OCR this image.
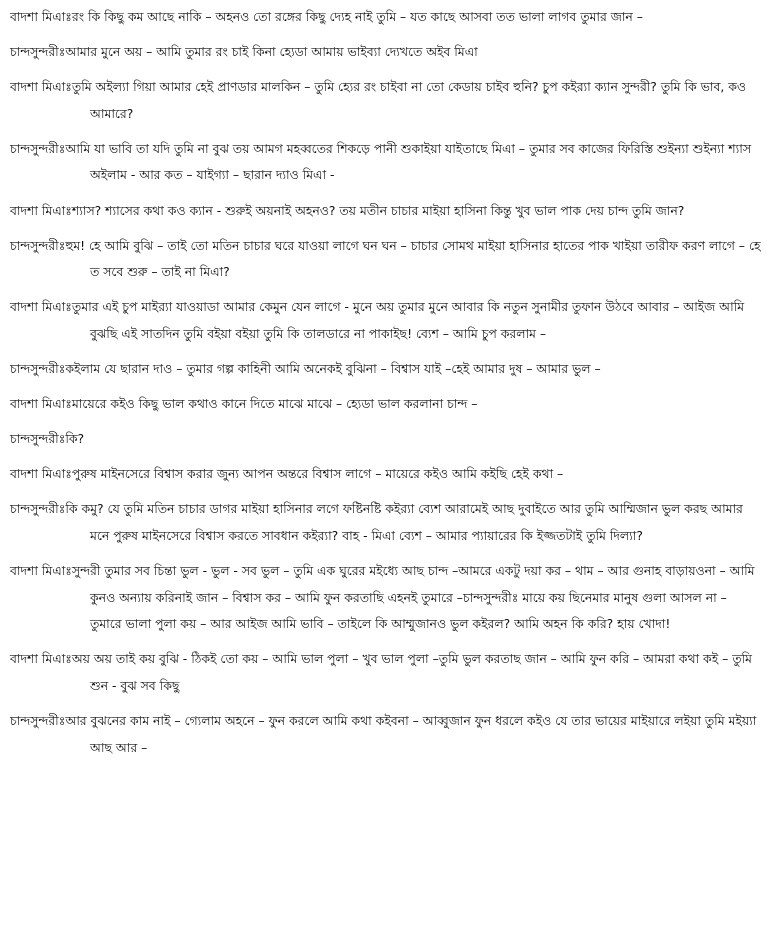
বাদশা মিএাঃরং কি কিছু কম আছে নাকি – অহনও তো রঙ্গের কিছু দ্যেহ নাই তুমি – যত কাছে আসবা তত ভালা লাগব তুমার জান –

চান্দসুন্দরীঃআমার মুনে অয় – আমি তুমার রং চাই কিনা হ্যেডা আমায় ভাইব্যা দ্যেখতে অইব মিএা

বাদশা মিএাঃতুমি অইল্যা গিয়া আমার হেই প্রাণডার মালকিন – তুমি হ্যের রং চাইবা না তো কেডায় চাইব হুনি? চুপ কইর‍্যা ক্যান সুন্দরী? তুমি কি ভাব, কও আমারে?

চান্দসুন্দরীঃআমি যা ভাবি তা যদি তুমি না বুঝ তয় আমগ মহব্বতের শিকড়ে পানী শুকাইয়া যাইতাছে মিএা – তুমার সব কাজের ফিরিস্তি শুইন্যা শুইন্যা শ্যাস অইলাম - আর কত – যাইগ্যা – ছারান দ্যাও মিএা -

বাদশা মিএাঃশ্যাস? শ্যাসের কথা কও ক্যান - শুরুই অয়নাই অহনও? তয় মতীন চাচার মাইয়া হাসিনা কিন্তু খুব ভাল পাক দেয় চান্দ তুমি জান?

চান্দসুন্দরীঃহুম! হে আমি বুঝি – তাই তো মতিন চাচার ঘরে যাওয়া লাগে ঘন ঘন – চাচার সোমথ মাইয়া হাসিনার হাতের পাক খাইয়া তারীফ করণ লাগে – হে ত সবে শুরু – তাই না মিএা?

বাদশা মিএাঃতুমার এই চুপ মাইর‍্যা যাওয়াডা আমার কেমুন যেন লাগে - মুনে অয় তুমার মুনে আবার কি নতুন সুনামীর তুফান উঠবে আবার – আইজ আমি বুঝছি এই সাতদিন তুমি বইয়া বইয়া তুমি কি তালডারে না পাকাইছ! ব্যেশ – আমি চুপ করলাম –

চান্দসুন্দরীঃকইলাম যে ছারান দাও – তুমার গল্প কাহিনী আমি অনেকই বুঝিনা – বিশ্বাস যাই –হেই আমার দুষ – আমার ভুল –

বাদশা মিএাঃমায়েরে কইও কিছু ভাল কথাও কানে দিতে মাঝে মাঝে – হ্যেডা ভাল করলানা চান্দ –

চান্দসুন্দরীঃকি?

বাদশা মিএাঃপুরুষ মাইনসেরে বিশ্বাস করার জুন্য আপন অন্তরে বিশ্বাস লাগে – মায়েরে কইও আমি কইছি হেই কথা –

চান্দসুন্দরীঃকি কমু? যে তুমি মতিন চাচার ডাগর মাইয়া হাসিনার লগে ফষ্টিনষ্টি কইর‍্যা ব্যেশ আরামেই আছ দুবাইতে আর তুমি আম্মিজান ভুল করছ আমার মনে পুরুষ মাইনসেরে বিশ্বাস করতে সাবধান কইর‍্যা? বাহ - মিএা ব্যেশ – আমার প্যায়ারের কি ইজ্জতটাই তুমি দিল্যা?

বাদশা মিএাঃসুন্দরী তুমার সব চিন্তা ভুল - ভুল - সব ভুল – তুমি এক ঘুরের মইধ্যে আছ চান্দ –আমরে একটু দয়া কর – থাম – আর গুনাহ বাড়ায়ওনা – আমি কুনও অন্যায় করিনাই জান – বিশ্বাস কর – আমি ফুন করতাছি এহনই তুমারে –চান্দসুন্দরীঃ মায়ে কয় ছিনেমার মানুষ গুলা আসল না – তুমারে ভালা পুলা কয় – আর আইজ আমি ভাবি – তাইলে কি আম্মুজানও ভুল কইরল? আমি অহন কি করি? হায় খোদা!

বাদশা মিএাঃঅয় অয় তাই কয় বুঝি - ঠিকই তো কয় – আমি ভাল পুলা – খুব ভাল পুলা –তুমি ভুল করতাছ জান – আমি ফুন করি – আমরা কথা কই – তুমি শুন - বুঝ সব কিছু

চান্দসুন্দরীঃআর বুঝনের কাম নাই – গ্যেলাম অহনে – ফুন করলে আমি কথা কইবনা – আব্বুজান ফুন ধরলে কইও যে তার ভায়ের মাইয়ারে লইয়া তুমি মইয়্যা আছ আর –
